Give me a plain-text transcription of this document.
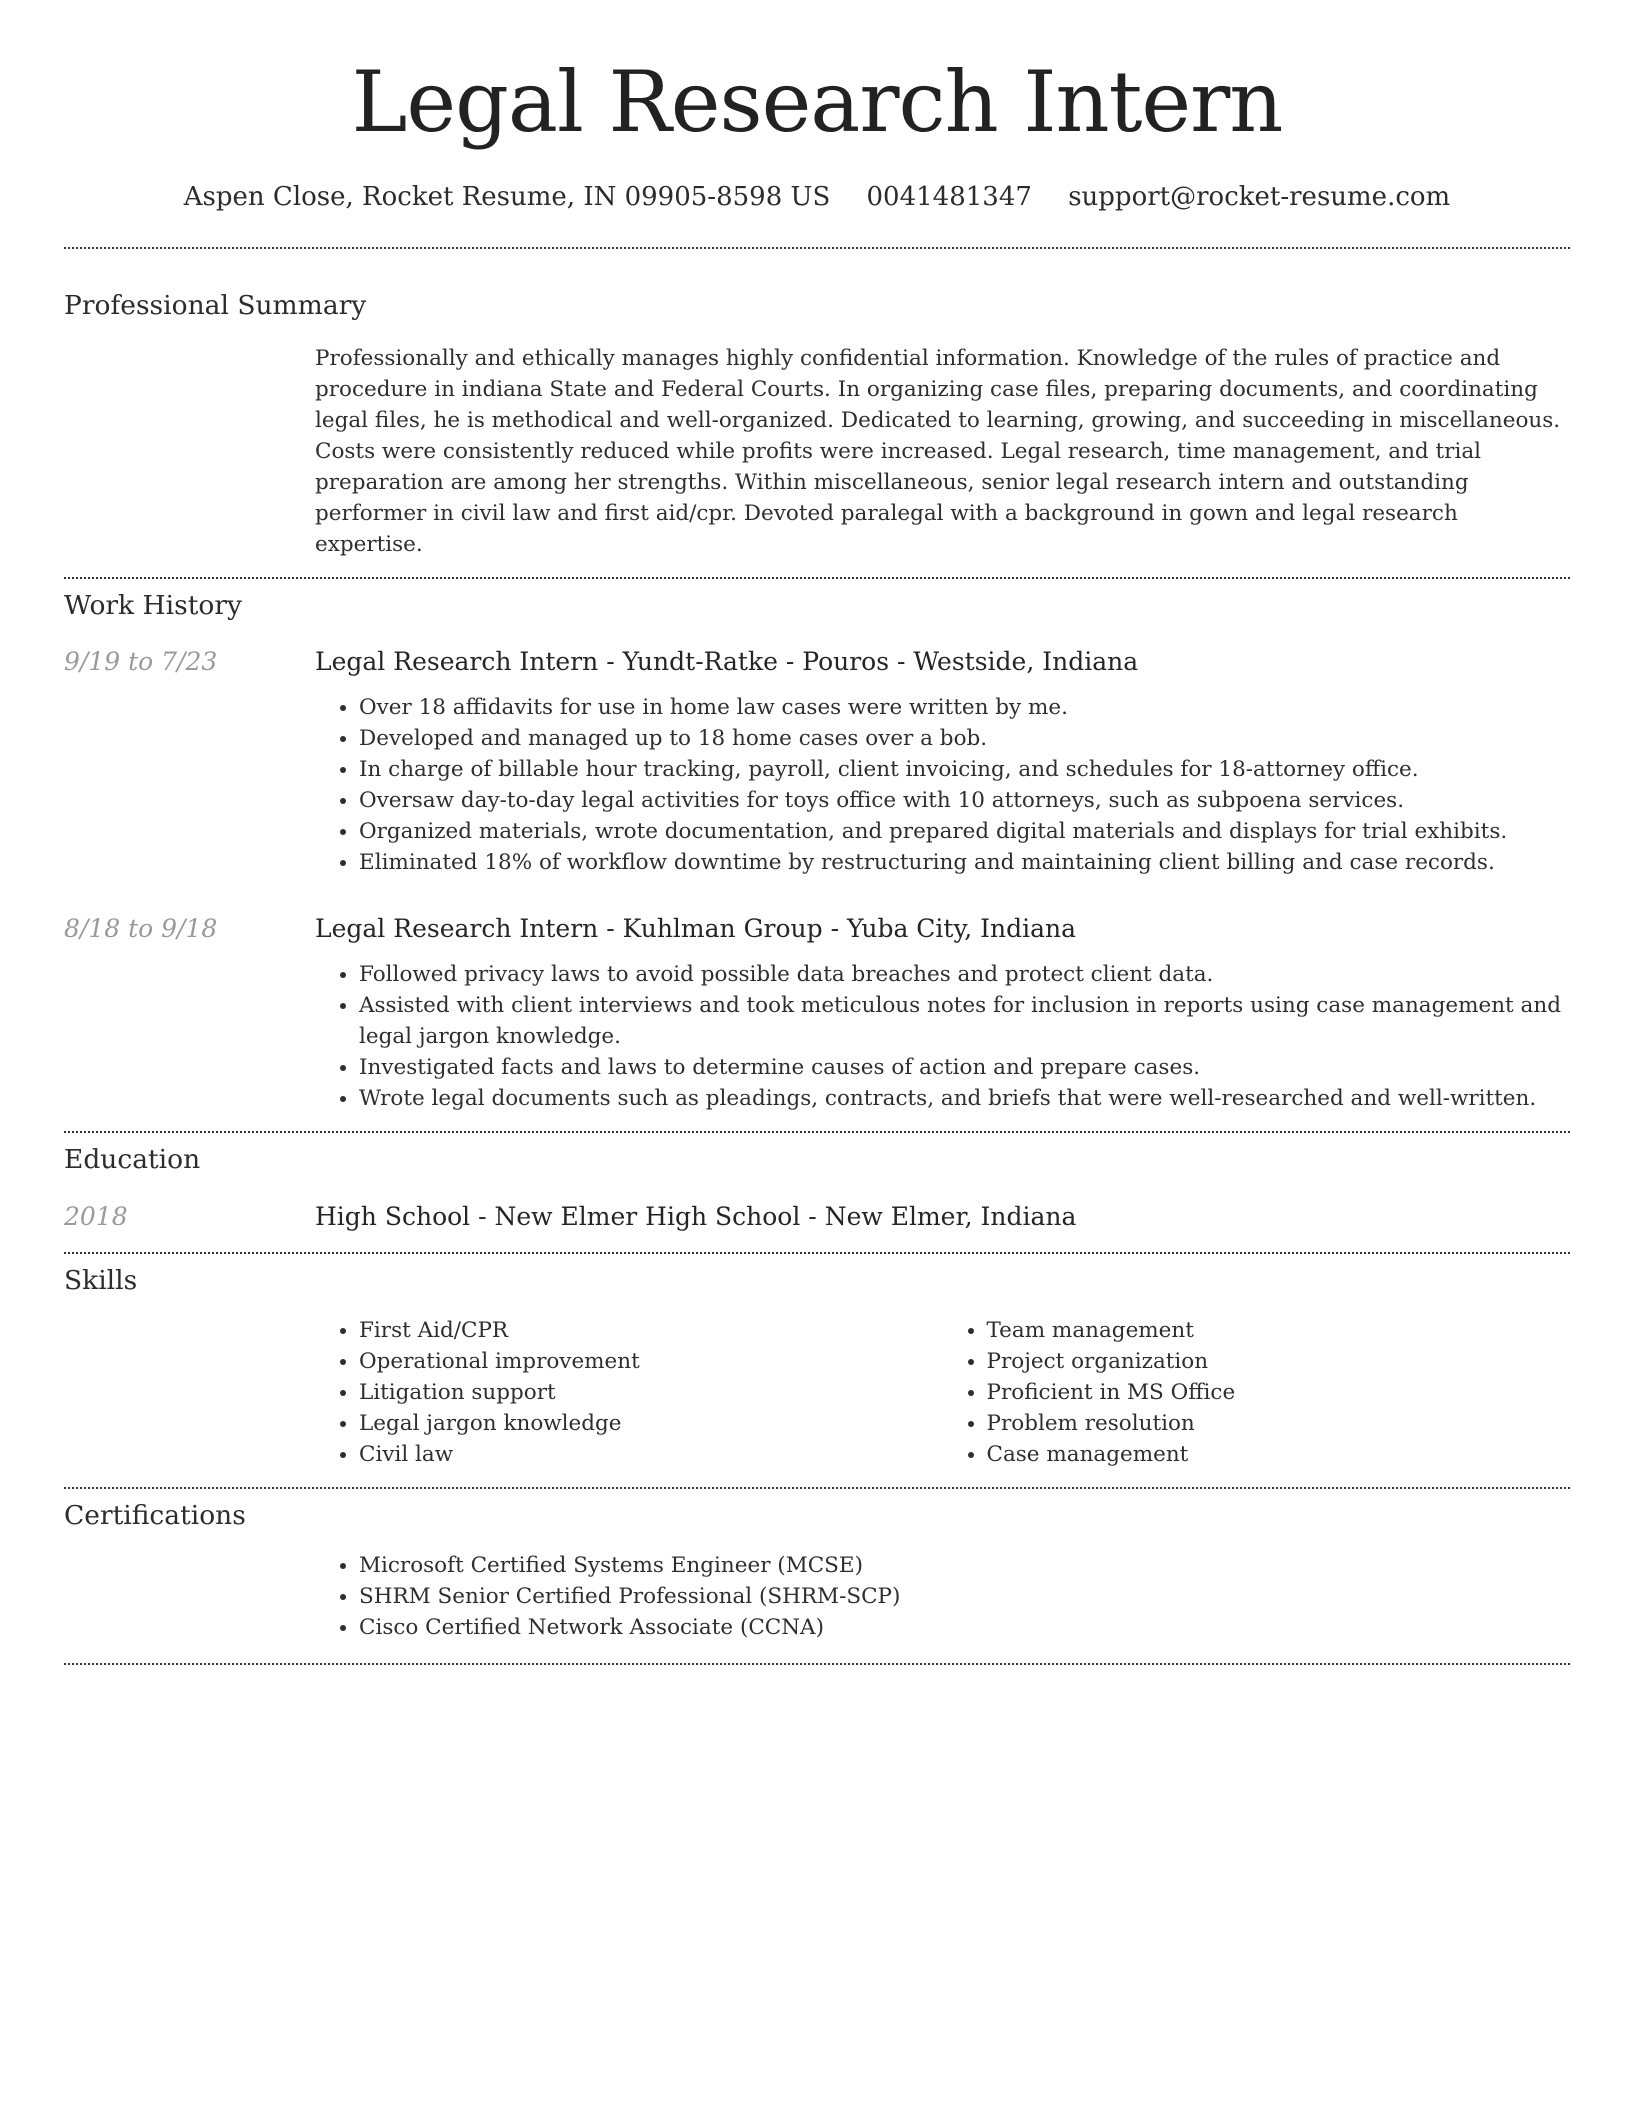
Legal Research Intern
Aspen Close, Rocket Resume, IN 09905-8598 US 0041481347 support@rocket-resume.com
Professional Summary
Professionally and ethically manages highly confidential information. Knowledge of the rules of practice and procedure in indiana State and Federal Courts. In organizing case files, preparing documents, and coordinating legal files, he is methodical and well-organized. Dedicated to learning, growing, and succeeding in miscellaneous. Costs were consistently reduced while profits were increased. Legal research, time management, and trial preparation are among her strengths. Within miscellaneous, senior legal research intern and outstanding performer in civil law and first aid/cpr. Devoted paralegal with a background in gown and legal research expertise.
Work History
9/19 to 7/23	Legal Research Intern - Yundt-Ratke - Pouros - Westside, Indiana
• Over 18 affidavits for use in home law cases were written by me.
• Developed and managed up to 18 home cases over a bob.
• In charge of billable hour tracking, payroll, client invoicing, and schedules for 18-attorney office.
• Oversaw day-to-day legal activities for toys office with 10 attorneys, such as subpoena services.
• Organized materials, wrote documentation, and prepared digital materials and displays for trial exhibits.
• Eliminated 18% of workflow downtime by restructuring and maintaining client billing and case records.
8/18 to 9/18	Legal Research Intern - Kuhlman Group - Yuba City, Indiana
• Followed privacy laws to avoid possible data breaches and protect client data.
• Assisted with client interviews and took meticulous notes for inclusion in reports using case management and legal jargon knowledge.
• Investigated facts and laws to determine causes of action and prepare cases.
• Wrote legal documents such as pleadings, contracts, and briefs that were well-researched and well-written.
Education
2018	High School - New Elmer High School - New Elmer, Indiana
Skills
• First Aid/CPR
• Operational improvement
• Litigation support
• Legal jargon knowledge
• Civil law
• Team management
• Project organization
• Proficient in MS Office
• Problem resolution
• Case management
Certifications
• Microsoft Certified Systems Engineer (MCSE)
• SHRM Senior Certified Professional (SHRM-SCP)
• Cisco Certified Network Associate (CCNA)
